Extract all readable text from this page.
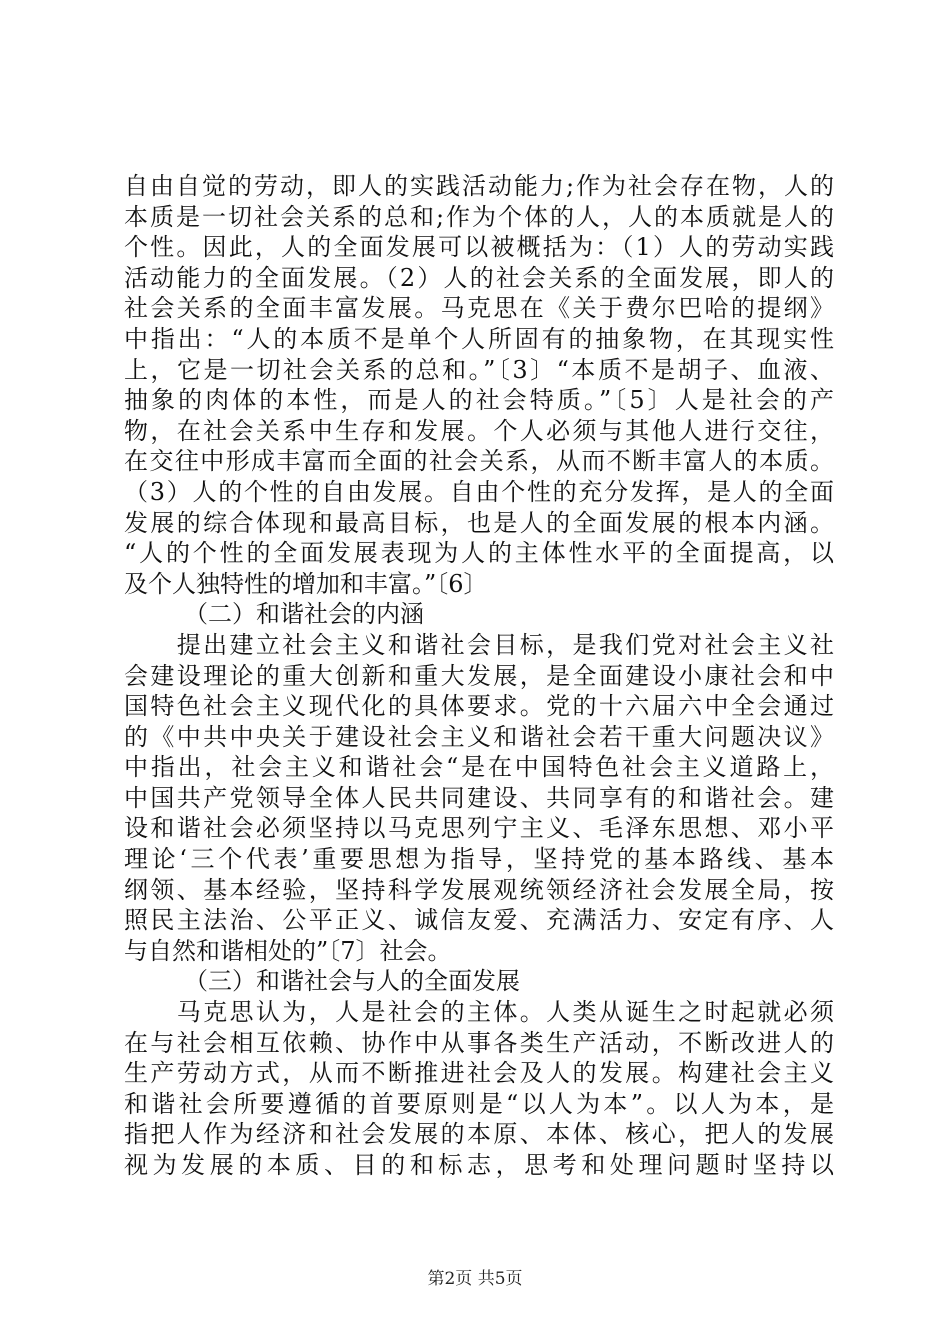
自由自觉的劳动，即人的实践活动能力;作为社会存在物，人的
本质是一切社会关系的总和;作为个体的人，人的本质就是人的
个性。因此，人的全面发展可以被概括为：（1）人的劳动实践
活动能力的全面发展。（2）人的社会关系的全面发展，即人的
社会关系的全面丰富发展。马克思在《关于费尔巴哈的提纲》
中指出：“人的本质不是单个人所固有的抽象物，在其现实性
上，它是一切社会关系的总和。”〔3〕“本质不是胡子、血液、
抽象的肉体的本性，而是人的社会特质。”〔5〕人是社会的产
物，在社会关系中生存和发展。个人必须与其他人进行交往，
在交往中形成丰富而全面的社会关系，从而不断丰富人的本质。
（3）人的个性的自由发展。自由个性的充分发挥，是人的全面
发展的综合体现和最高目标，也是人的全面发展的根本内涵。
“人的个性的全面发展表现为人的主体性水平的全面提高，以
及个人独特性的增加和丰富。”〔6〕
（二）和谐社会的内涵
　　提出建立社会主义和谐社会目标，是我们党对社会主义社
会建设理论的重大创新和重大发展，是全面建设小康社会和中
国特色社会主义现代化的具体要求。党的十六届六中全会通过
的《中共中央关于建设社会主义和谐社会若干重大问题决议》
中指出，社会主义和谐社会“是在中国特色社会主义道路上，
中国共产党领导全体人民共同建设、共同享有的和谐社会。建
设和谐社会必须坚持以马克思列宁主义、毛泽东思想、邓小平
理论‘三个代表’重要思想为指导，坚持党的基本路线、基本
纲领、基本经验，坚持科学发展观统领经济社会发展全局，按
照民主法治、公平正义、诚信友爱、充满活力、安定有序、人
与自然和谐相处的”〔7〕社会。
（三）和谐社会与人的全面发展
　　马克思认为，人是社会的主体。人类从诞生之时起就必须
在与社会相互依赖、协作中从事各类生产活动，不断改进人的
生产劳动方式，从而不断推进社会及人的发展。构建社会主义
和谐社会所要遵循的首要原则是“以人为本”。以人为本，是
指把人作为经济和社会发展的本原、本体、核心，把人的发展
视为发展的本质、目的和标志，思考和处理问题时坚持以
第2页 共5页
